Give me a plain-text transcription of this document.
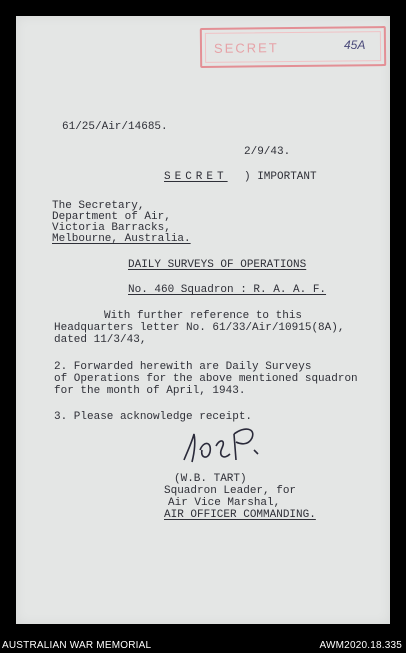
SECRET	45A
61/25/Air/14685.
2/9/43.
SECRET ) IMPORTANT
The Secretary,
Department of Air,
Victoria Barracks,
Melbourne, Australia.
DAILY SURVEYS OF OPERATIONS
No. 460 Squadron : R. A. A. F.
With further reference to this
Headquarters letter No. 61/33/Air/10915(8A),
dated 11/3/43,
2. Forwarded herewith are Daily Surveys
of Operations for the above mentioned squadron
for the month of April, 1943.
3. Please acknowledge receipt.
(W.B. TART)
Squadron Leader, for
Air Vice Marshal,
AIR OFFICER COMMANDING.
AUSTRALIAN WAR MEMORIAL	AWM2020.18.335
